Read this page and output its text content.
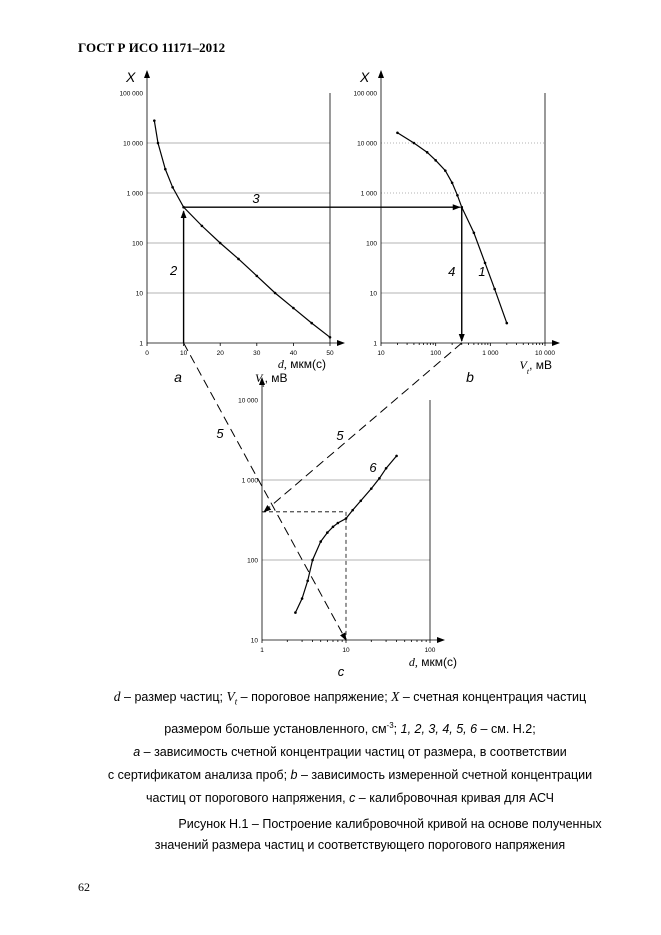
ГОСТ Р ИСО 11171–2012
1
10
100
1 000
10 000
100 000
0	10	20	30	40	50
1
10
100
1 000
10 000
100 000
10	100	1 000	10 000
10
100
1 000
10 000
1	10	100
X	X
d, мкм(с)	$V_t$, мВ
$V_t$, мВ
d, мкм(с)
a	b
c
2
3
4 1
6
5	5

d – размер частиц; $V_t$ – пороговое напряжение; X – счетная концентрация частиц

размером больше установленного, $см^{-3}$; 1, 2, 3, 4, 5, 6 – см. Н.2;

a – зависимость счетной концентрации частиц от размера, в соответствии

с сертификатом анализа проб; b – зависимость измеренной счетной концентрации

частиц от порогового напряжения, c – калибровочная кривая для АСЧ

Рисунок Н.1 – Построение калибровочной кривой на основе полученных

значений размера частиц и соответствующего порогового напряжения

62
